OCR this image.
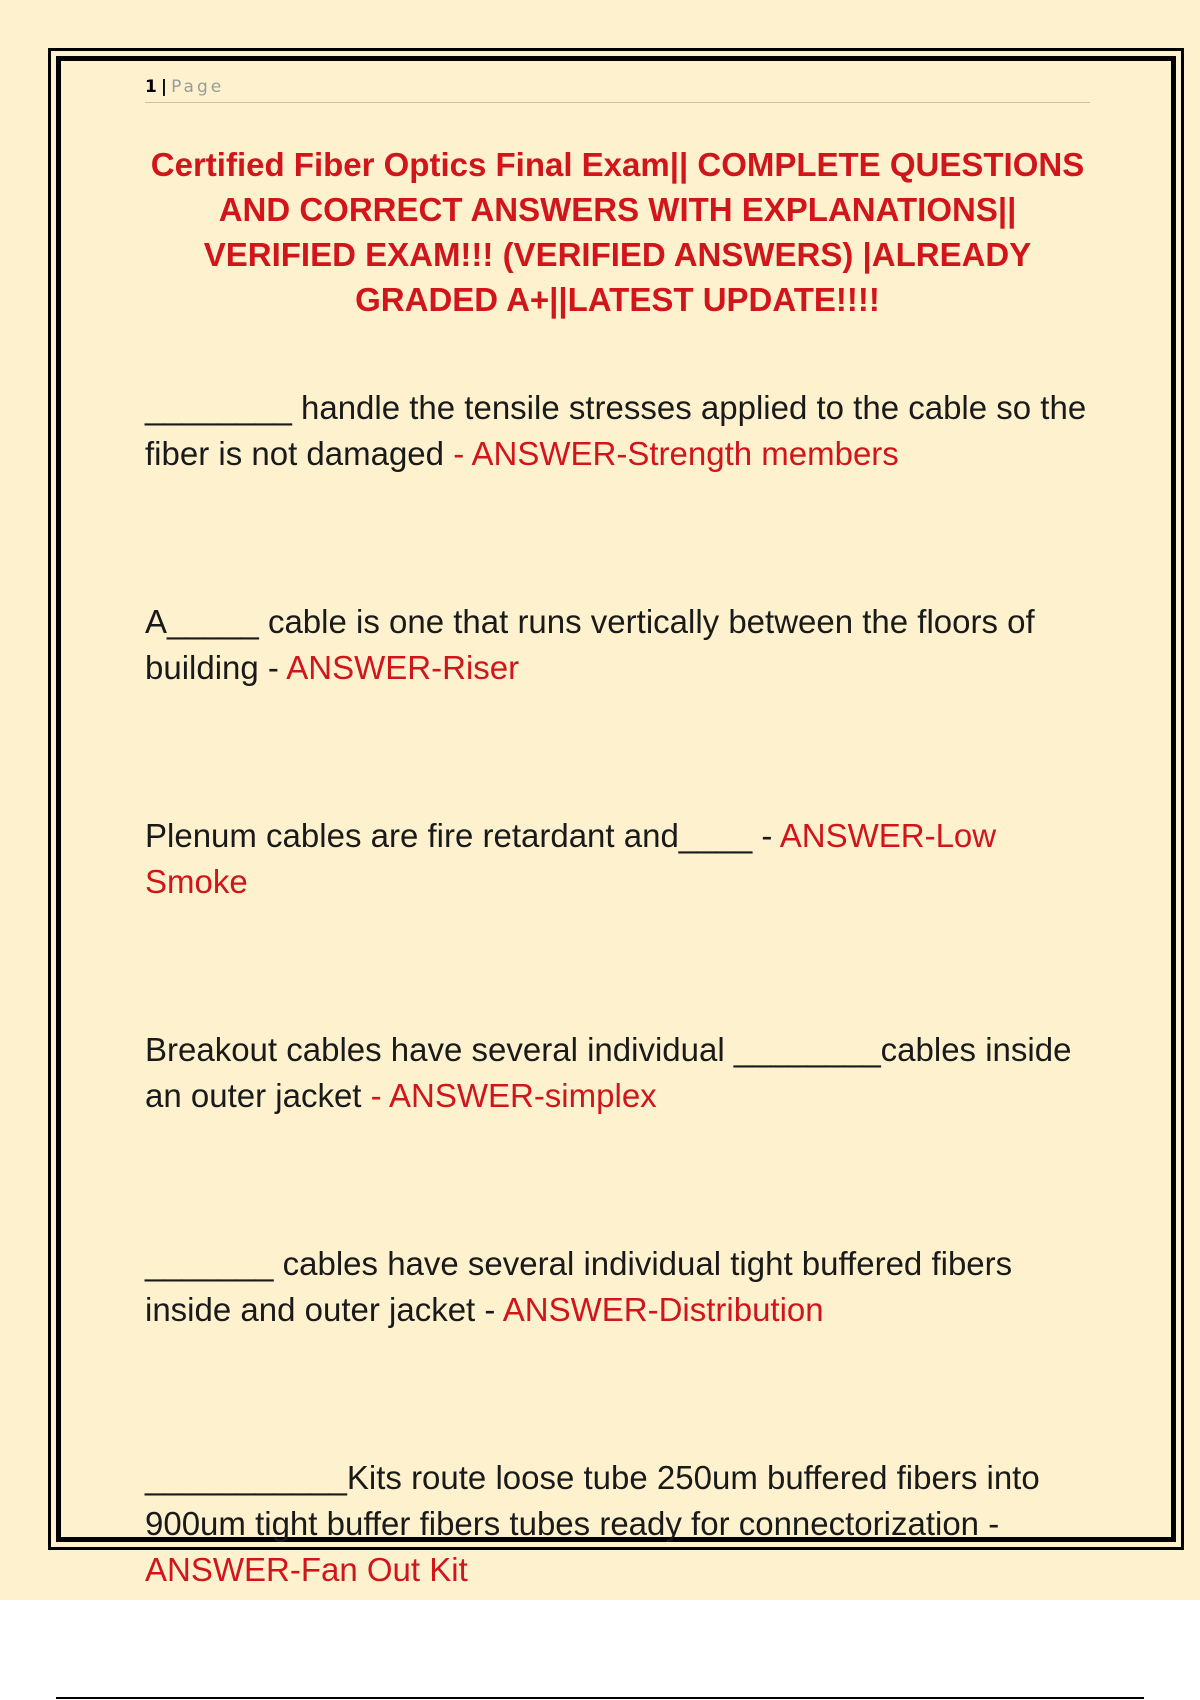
1 | Page
Certified Fiber Optics Final Exam|| COMPLETE QUESTIONS AND CORRECT ANSWERS WITH EXPLANATIONS|| VERIFIED EXAM!!! (VERIFIED ANSWERS) |ALREADY GRADED A+||LATEST UPDATE!!!!

________ handle the tensile stresses applied to the cable so the fiber is not damaged - ANSWER-Strength members

A_____ cable is one that runs vertically between the floors of building - ANSWER-Riser

Plenum cables are fire retardant and____ - ANSWER-Low Smoke

Breakout cables have several individual ________cables inside an outer jacket - ANSWER-simplex

_______ cables have several individual tight buffered fibers inside and outer jacket - ANSWER-Distribution

___________Kits route loose tube 250um buffered fibers into 900um tight buffer fibers tubes ready for connectorization - ANSWER-Fan Out Kit
